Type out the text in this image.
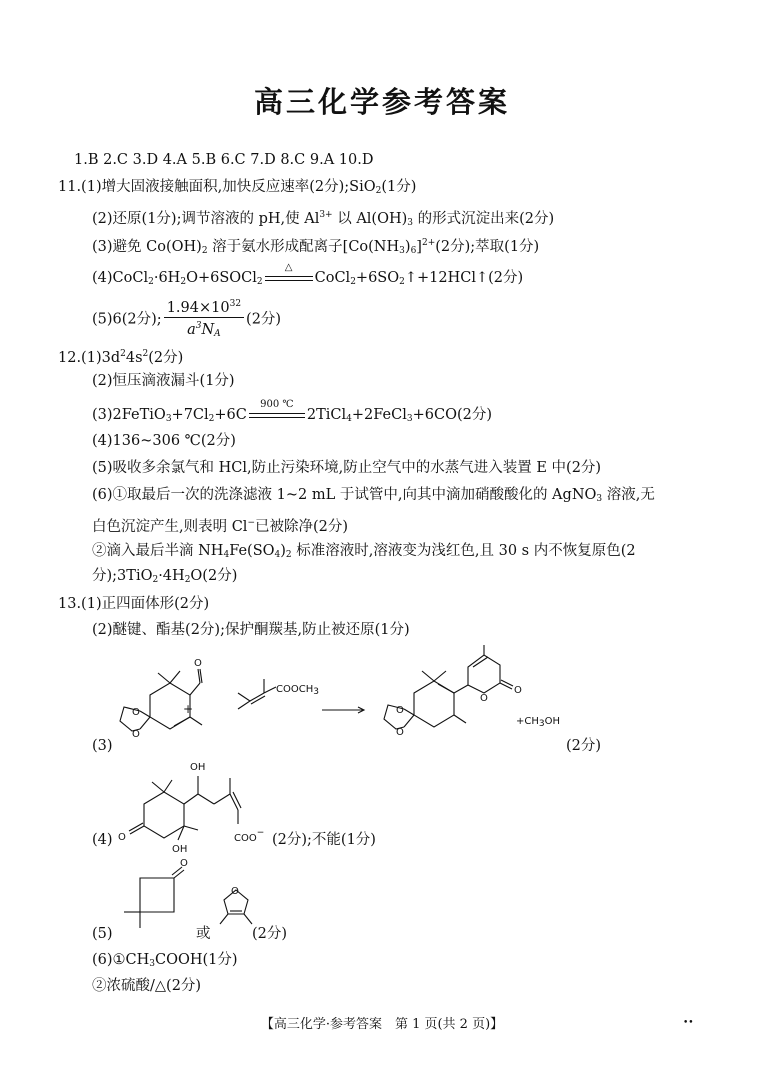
高三化学参考答案
1.B 2.C 3.D 4.A 5.B 6.C 7.D 8.C 9.A 10.D
11.(1)增大固液接触面积,加快反应速率(2分);SiO$_2$(1分)
(2)还原(1分);调节溶液的 pH,使 $Al^{3+}$ 以 $Al(OH)_3$ 的形式沉淀出来(2分)
(3)避免 $Co(OH)_2$ 溶于氨水形成配离子$[Co(NH_3)_6]^{2+}(2$分);萃取(1分)
$(4)CoCl_2\cdot 6H_2O+6SOCl_2$
△
$CoCl_2+6SO_2↑+12HCl↑(2$分)
(5)6(2分); $\frac{1.94\times 10^{32}}{a^3N_A} (2$分)
$12.(1)3d^24s^2(2$分)
(2)恒压滴液漏斗(1分)
$(3)2FeTiO_3+7Cl_2+6C$
900 ℃
2TiCl$_4$+2FeCl$_3$+6CO(2分)
(4)136~306 ℃(2分)
(5)吸收多余氯气和 HCl,防止污染环境,防止空气中的水蒸气进入装置 E 中(2分)
(6)①取最后一次的洗涤滤液 1~2 mL 于试管中,向其中滴加硝酸酸化的 AgNO$_3$ 溶液,无
白色沉淀产生,则表明 Cl−已被除净(2分)
②滴入最后半滴 $NH_4Fe(SO_4)_2$ 标准溶液时,溶液变为浅红色,且 30 s 内不恢复原色(2
分)$;3TiO_2\cdot 4H_2O(2$分)
13.(1)正四面体形(2分)
(2)醚键、酯基(2分);保护酮羰基,防止被还原(1分)
(3)
O
O
O
+
$COOCH_3$	O
O
O
O
$+CH_3OH$
(2分)
(4) O
OH
OH
COO− (2分);不能(1分)
(5)
O
或
O
(2分)
$(6)①CH_3COOH(1$分)
②浓硫酸/△(2分)
【高三化学·参考答案　第 1 页(共 2 页)】	••
